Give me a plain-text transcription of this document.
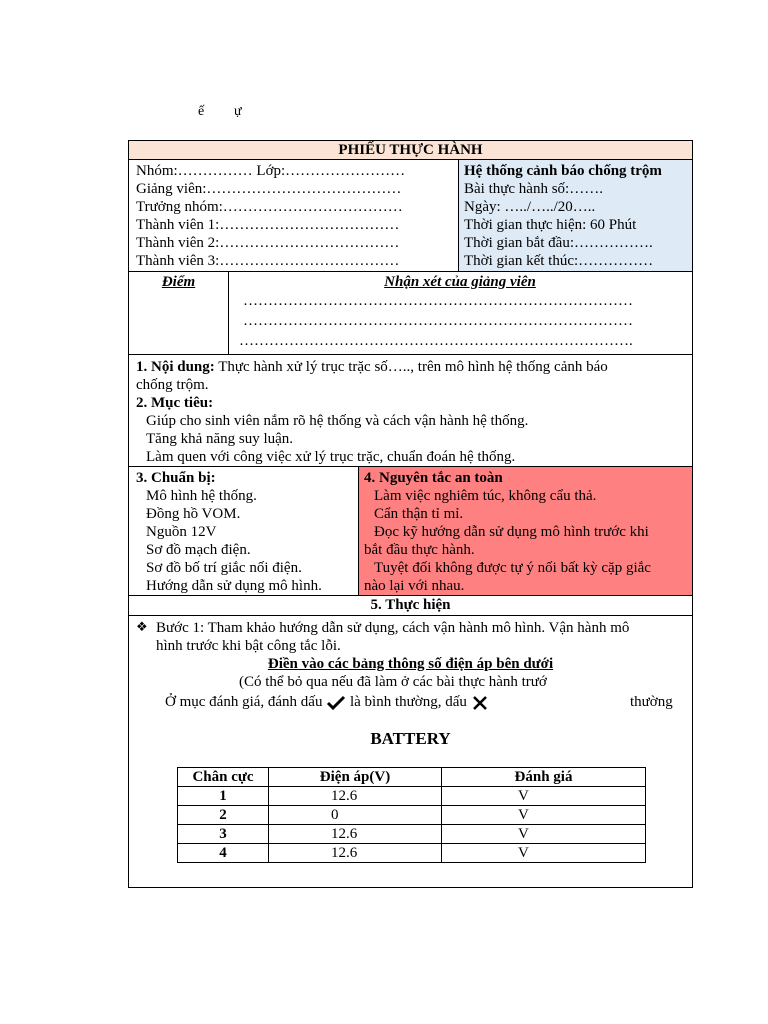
ế ự
PHIẾU THỰC HÀNH
Nhóm:…………… Lớp:……………………
Giảng viên:…………………………………
Trưởng nhóm:………………………………
Thành viên 1:………………………………
Thành viên 2:………………………………
Thành viên 3:………………………………
Hệ thống cảnh báo chống trộm
Bài thực hành số:…….
Ngày: …../…../20…..
Thời gian thực hiện: 60 Phút
Thời gian bắt đầu:…………….
Thời gian kết thúc:……………
Điểm	Nhận xét của giảng viên
……………………………………………………………………
……………………………………………………………………
…………………………………………………………………….
1. Nội dung: Thực hành xử lý trục trặc số….., trên mô hình hệ thống cảnh báo
chống trộm.
2. Mục tiêu:
Giúp cho sinh viên nắm rõ hệ thống và cách vận hành hệ thống.
Tăng khả năng suy luận.
Làm quen với công việc xử lý trục trặc, chuẩn đoán hệ thống.
3. Chuẩn bị:
Mô hình hệ thống.
Đồng hồ VOM.
Nguồn 12V
Sơ đồ mạch điện.
Sơ đồ bố trí giắc nối điện.
Hướng dẫn sử dụng mô hình.
4. Nguyên tắc an toàn
Làm việc nghiêm túc, không cẩu thả.
Cẩn thận tỉ mỉ.
Đọc kỹ hướng dẫn sử dụng mô hình trước khi
bắt đầu thực hành.
Tuyệt đối không được tự ý nối bất kỳ cặp giắc
nào lại với nhau.
5. Thực hiện
❖ Bước 1: Tham khảo hướng dẫn sử dụng, cách vận hành mô hình. Vận hành mô
hình trước khi bật công tắc lỗi.
Điền vào các bảng thông số điện áp bên dưới
(Có thể bỏ qua nếu đã làm ở các bài thực hành trướ
Ở mục đánh giá, đánh dấu là bình thường, dấu	thường
BATTERY
Chân cực	Điện áp(V)	Đánh giá
1	12.6	V
2	0	V
3	12.6	V
4	12.6	V
